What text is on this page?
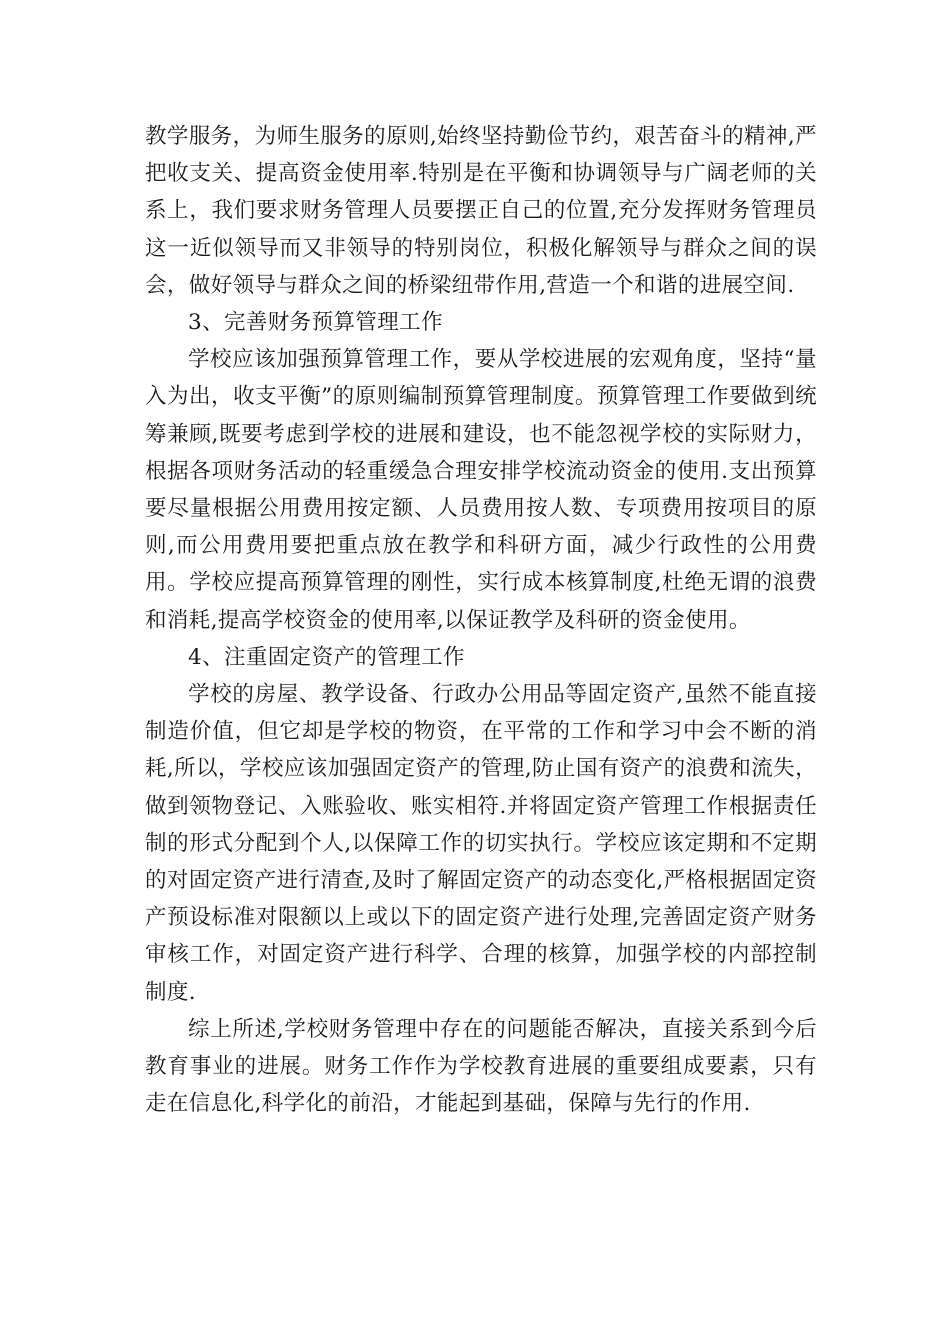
教学服务，为师生服务的原则,始终坚持勤俭节约，艰苦奋斗的精神,严把收支关、提高资金使用率.特别是在平衡和协调领导与广阔老师的关系上，我们要求财务管理人员要摆正自己的位置,充分发挥财务管理员这一近似领导而又非领导的特别岗位，积极化解领导与群众之间的误会，做好领导与群众之间的桥梁纽带作用,营造一个和谐的进展空间.

3、完善财务预算管理工作

学校应该加强预算管理工作，要从学校进展的宏观角度，坚持“量入为出，收支平衡”的原则编制预算管理制度。预算管理工作要做到统筹兼顾,既要考虑到学校的进展和建设，也不能忽视学校的实际财力，根据各项财务活动的轻重缓急合理安排学校流动资金的使用.支出预算要尽量根据公用费用按定额、人员费用按人数、专项费用按项目的原则,而公用费用要把重点放在教学和科研方面，减少行政性的公用费用。学校应提高预算管理的刚性，实行成本核算制度,杜绝无谓的浪费和消耗,提高学校资金的使用率,以保证教学及科研的资金使用。

4、注重固定资产的管理工作

学校的房屋、教学设备、行政办公用品等固定资产,虽然不能直接制造价值，但它却是学校的物资，在平常的工作和学习中会不断的消耗,所以，学校应该加强固定资产的管理,防止国有资产的浪费和流失，做到领物登记、入账验收、账实相符.并将固定资产管理工作根据责任制的形式分配到个人,以保障工作的切实执行。学校应该定期和不定期的对固定资产进行清查,及时了解固定资产的动态变化,严格根据固定资产预设标准对限额以上或以下的固定资产进行处理,完善固定资产财务审核工作，对固定资产进行科学、合理的核算，加强学校的内部控制制度.

综上所述,学校财务管理中存在的问题能否解决，直接关系到今后教育事业的进展。财务工作作为学校教育进展的重要组成要素，只有走在信息化,科学化的前沿，才能起到基础，保障与先行的作用.
